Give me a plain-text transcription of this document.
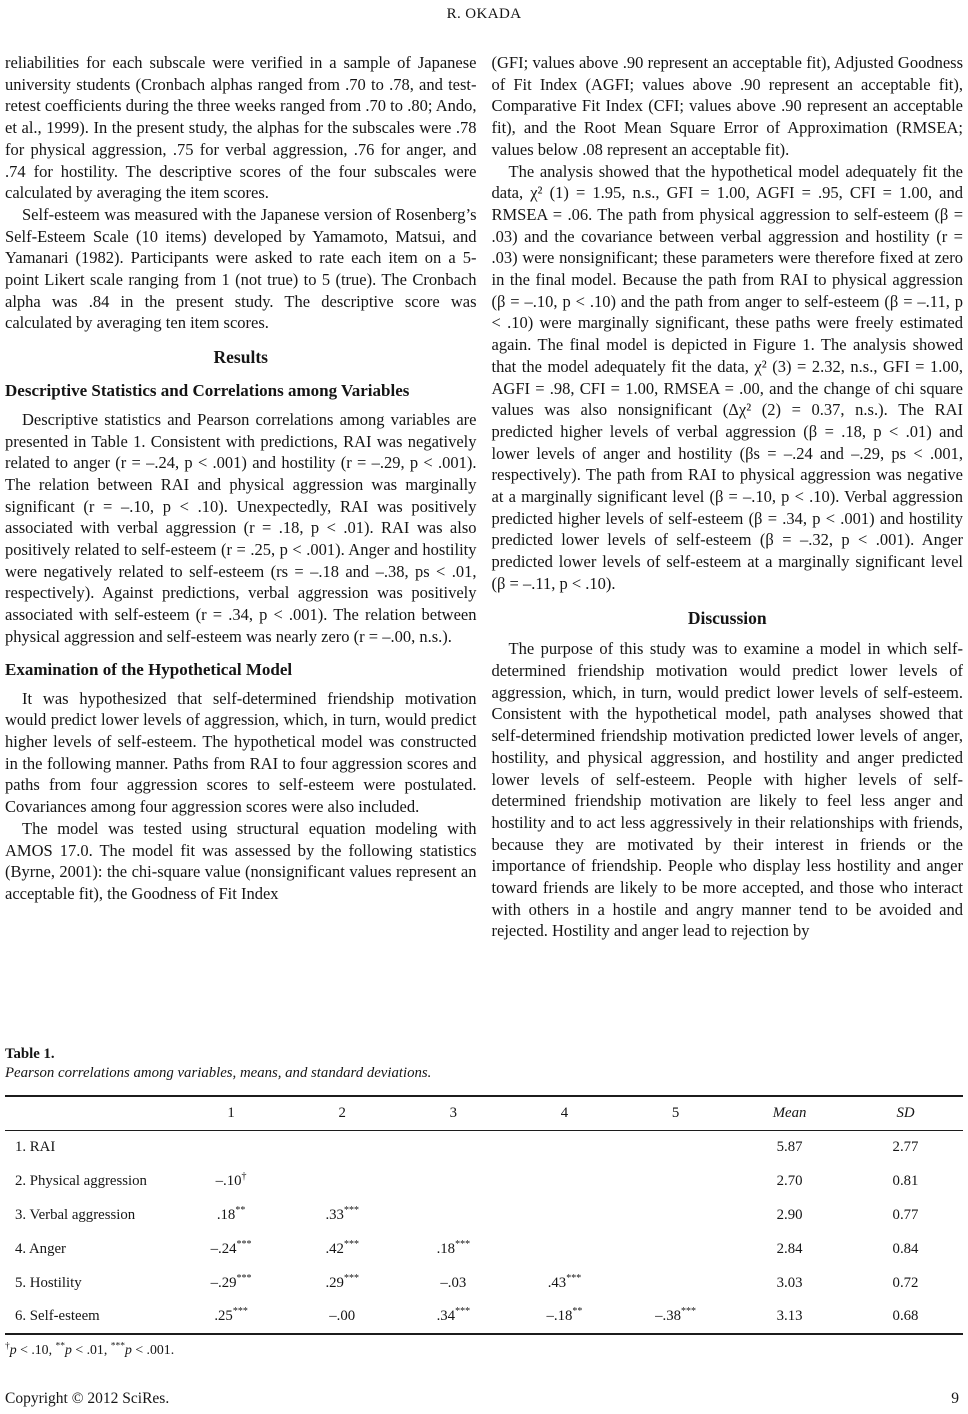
R. OKADA

reliabilities for each subscale were verified in a sample of Japanese university students (Cronbach alphas ranged from .70 to .78, and test-retest coefficients during the three weeks ranged from .70 to .80; Ando, et al., 1999). In the present study, the alphas for the subscales were .78 for physical aggression, .75 for verbal aggression, .76 for anger, and .74 for hostility. The descriptive scores of the four subscales were calculated by averaging the item scores.

Self-esteem was measured with the Japanese version of Rosenberg’s Self-Esteem Scale (10 items) developed by Yamamoto, Matsui, and Yamanari (1982). Participants were asked to rate each item on a 5-point Likert scale ranging from 1 (not true) to 5 (true). The Cronbach alpha was .84 in the present study. The descriptive score was calculated by averaging ten item scores.

Results
Descriptive Statistics and Correlations among Variables

Descriptive statistics and Pearson correlations among variables are presented in Table 1. Consistent with predictions, RAI was negatively related to anger (r = –.24, p < .001) and hostility (r = –.29, p < .001). The relation between RAI and physical aggression was marginally significant (r = –.10, p < .10). Unexpectedly, RAI was positively associated with verbal aggression (r = .18, p < .01). RAI was also positively related to self-esteem (r = .25, p < .001). Anger and hostility were negatively related to self-esteem (rs = –.18 and –.38, ps < .01, respectively). Against predictions, verbal aggression was positively associated with self-esteem (r = .34, p < .001). The relation between physical aggression and self-esteem was nearly zero (r = –.00, n.s.).

Examination of the Hypothetical Model

It was hypothesized that self-determined friendship motivation would predict lower levels of aggression, which, in turn, would predict higher levels of self-esteem. The hypothetical model was constructed in the following manner. Paths from RAI to four aggression scores and paths from four aggression scores to self-esteem were postulated. Covariances among four aggression scores were also included.

The model was tested using structural equation modeling with AMOS 17.0. The model fit was assessed by the following statistics (Byrne, 2001): the chi-square value (nonsignificant values represent an acceptable fit), the Goodness of Fit Index

(GFI; values above .90 represent an acceptable fit), Adjusted Goodness of Fit Index (AGFI; values above .90 represent an acceptable fit), Comparative Fit Index (CFI; values above .90 represent an acceptable fit), and the Root Mean Square Error of Approximation (RMSEA; values below .08 represent an acceptable fit).

The analysis showed that the hypothetical model adequately fit the data, χ² (1) = 1.95, n.s., GFI = 1.00, AGFI = .95, CFI = 1.00, and RMSEA = .06. The path from physical aggression to self-esteem (β = .03) and the covariance between verbal aggression and hostility (r = .03) were nonsignificant; these parameters were therefore fixed at zero in the final model. Because the path from RAI to physical aggression (β = –.10, p < .10) and the path from anger to self-esteem (β = –.11, p < .10) were marginally significant, these paths were freely estimated again. The final model is depicted in Figure 1. The analysis showed that the model adequately fit the data, χ² (3) = 2.32, n.s., GFI = 1.00, AGFI = .98, CFI = 1.00, RMSEA = .00, and the change of chi square values was also nonsignificant (Δχ² (2) = 0.37, n.s.). The RAI predicted higher levels of verbal aggression (β = .18, p < .01) and lower levels of anger and hostility (βs = –.24 and –.29, ps < .001, respectively). The path from RAI to physical aggression was negative at a marginally significant level (β = –.10, p < .10). Verbal aggression predicted higher levels of self-esteem (β = .34, p < .001) and hostility predicted lower levels of self-esteem (β = –.32, p < .001). Anger predicted lower levels of self-esteem at a marginally significant level (β = –.11, p < .10).

Discussion

The purpose of this study was to examine a model in which self-determined friendship motivation would predict lower levels of aggression, which, in turn, would predict lower levels of self-esteem. Consistent with the hypothetical model, path analyses showed that self-determined friendship motivation predicted lower levels of anger, hostility, and physical aggression, and hostility and anger predicted lower levels of self-esteem. People with higher levels of self-determined friendship motivation are likely to feel less anger and hostility and to act less aggressively in their relationships with friends, because they are motivated by their interest in friends or the importance of friendship. People who display less hostility and anger toward friends are likely to be more accepted, and those who interact with others in a hostile and angry manner tend to be avoided and rejected. Hostility and anger lead to rejection by

Table 1.
Pearson correlations among variables, means, and standard deviations.
	1	2	3	4	5	Mean	SD
1. RAI						5.87	2.77
2. Physical aggression	–.10†					2.70	0.81
3. Verbal aggression	.18**	.33***				2.90	0.77
4. Anger	–.24***	.42***	.18***			2.84	0.84
5. Hostility	–.29***	.29***	–.03	.43***		3.03	0.72
6. Self-esteem	.25***	–.00	.34***	–.18**	–.38***	3.13	0.68
†p < .10, **p < .01, ***p < .001.
Copyright © 2012 SciRes.	9
